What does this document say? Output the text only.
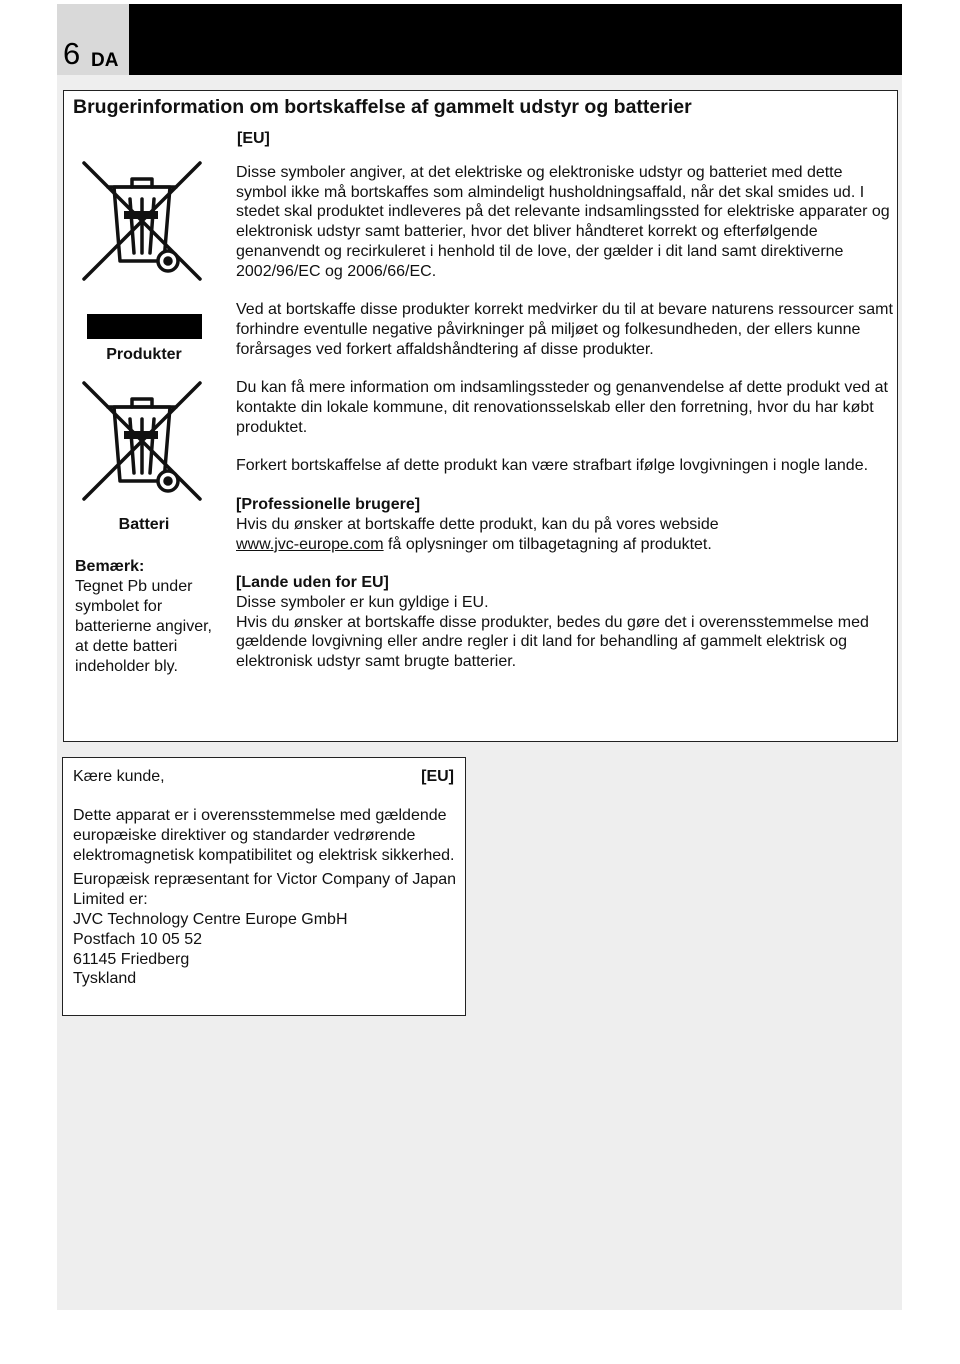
6 DA
Brugerinformation om bortskaffelse af gammelt udstyr og batterier
[EU]
Produkter
Batteri
Bemærk:
Tegnet Pb under symbolet for batterierne angiver, at dette batteri indeholder bly.

Disse symboler angiver, at det elektriske og elektroniske udstyr og batteriet med dette symbol ikke må bortskaffes som almindeligt husholdningsaffald, når det skal smides ud. I stedet skal produktet indleveres på det relevante indsamlingssted for elektriske apparater og elektronisk udstyr samt batterier, hvor det bliver håndteret korrekt og efterfølgende genanvendt og recirkuleret i henhold til de love, der gælder i dit land samt direktiverne 2002/96/EC og 2006/66/EC.

Ved at bortskaffe disse produkter korrekt medvirker du til at bevare naturens ressourcer samt forhindre eventulle negative påvirkninger på miljøet og folkesundheden, der ellers kunne forårsages ved forkert affaldshåndtering af disse produkter.

Du kan få mere information om indsamlingssteder og genanvendelse af dette produkt ved at kontakte din lokale kommune, dit renovationsselskab eller den forretning, hvor du har købt produktet.

Forkert bortskaffelse af dette produkt kan være strafbart ifølge lovgivningen i nogle lande.

[Professionelle brugere]

Hvis du ønsker at bortskaffe dette produkt, kan du på vores webside

www.jvc-europe.com få oplysninger om tilbagetagning af produktet.

[Lande uden for EU]

Disse symboler er kun gyldige i EU.

Hvis du ønsker at bortskaffe disse produkter, bedes du gøre det i overensstemmelse med gældende lovgivning eller andre regler i dit land for behandling af gammelt elektrisk og elektronisk udstyr samt brugte batterier.

Kære kunde,	[EU]

Dette apparat er i overensstemmelse med gældende europæiske direktiver og standarder vedrørende elektromagnetisk kompatibilitet og elektrisk sikkerhed.

Europæisk repræsentant for Victor Company of Japan Limited er:

JVC Technology Centre Europe GmbH

Postfach 10 05 52

61145 Friedberg

Tyskland
